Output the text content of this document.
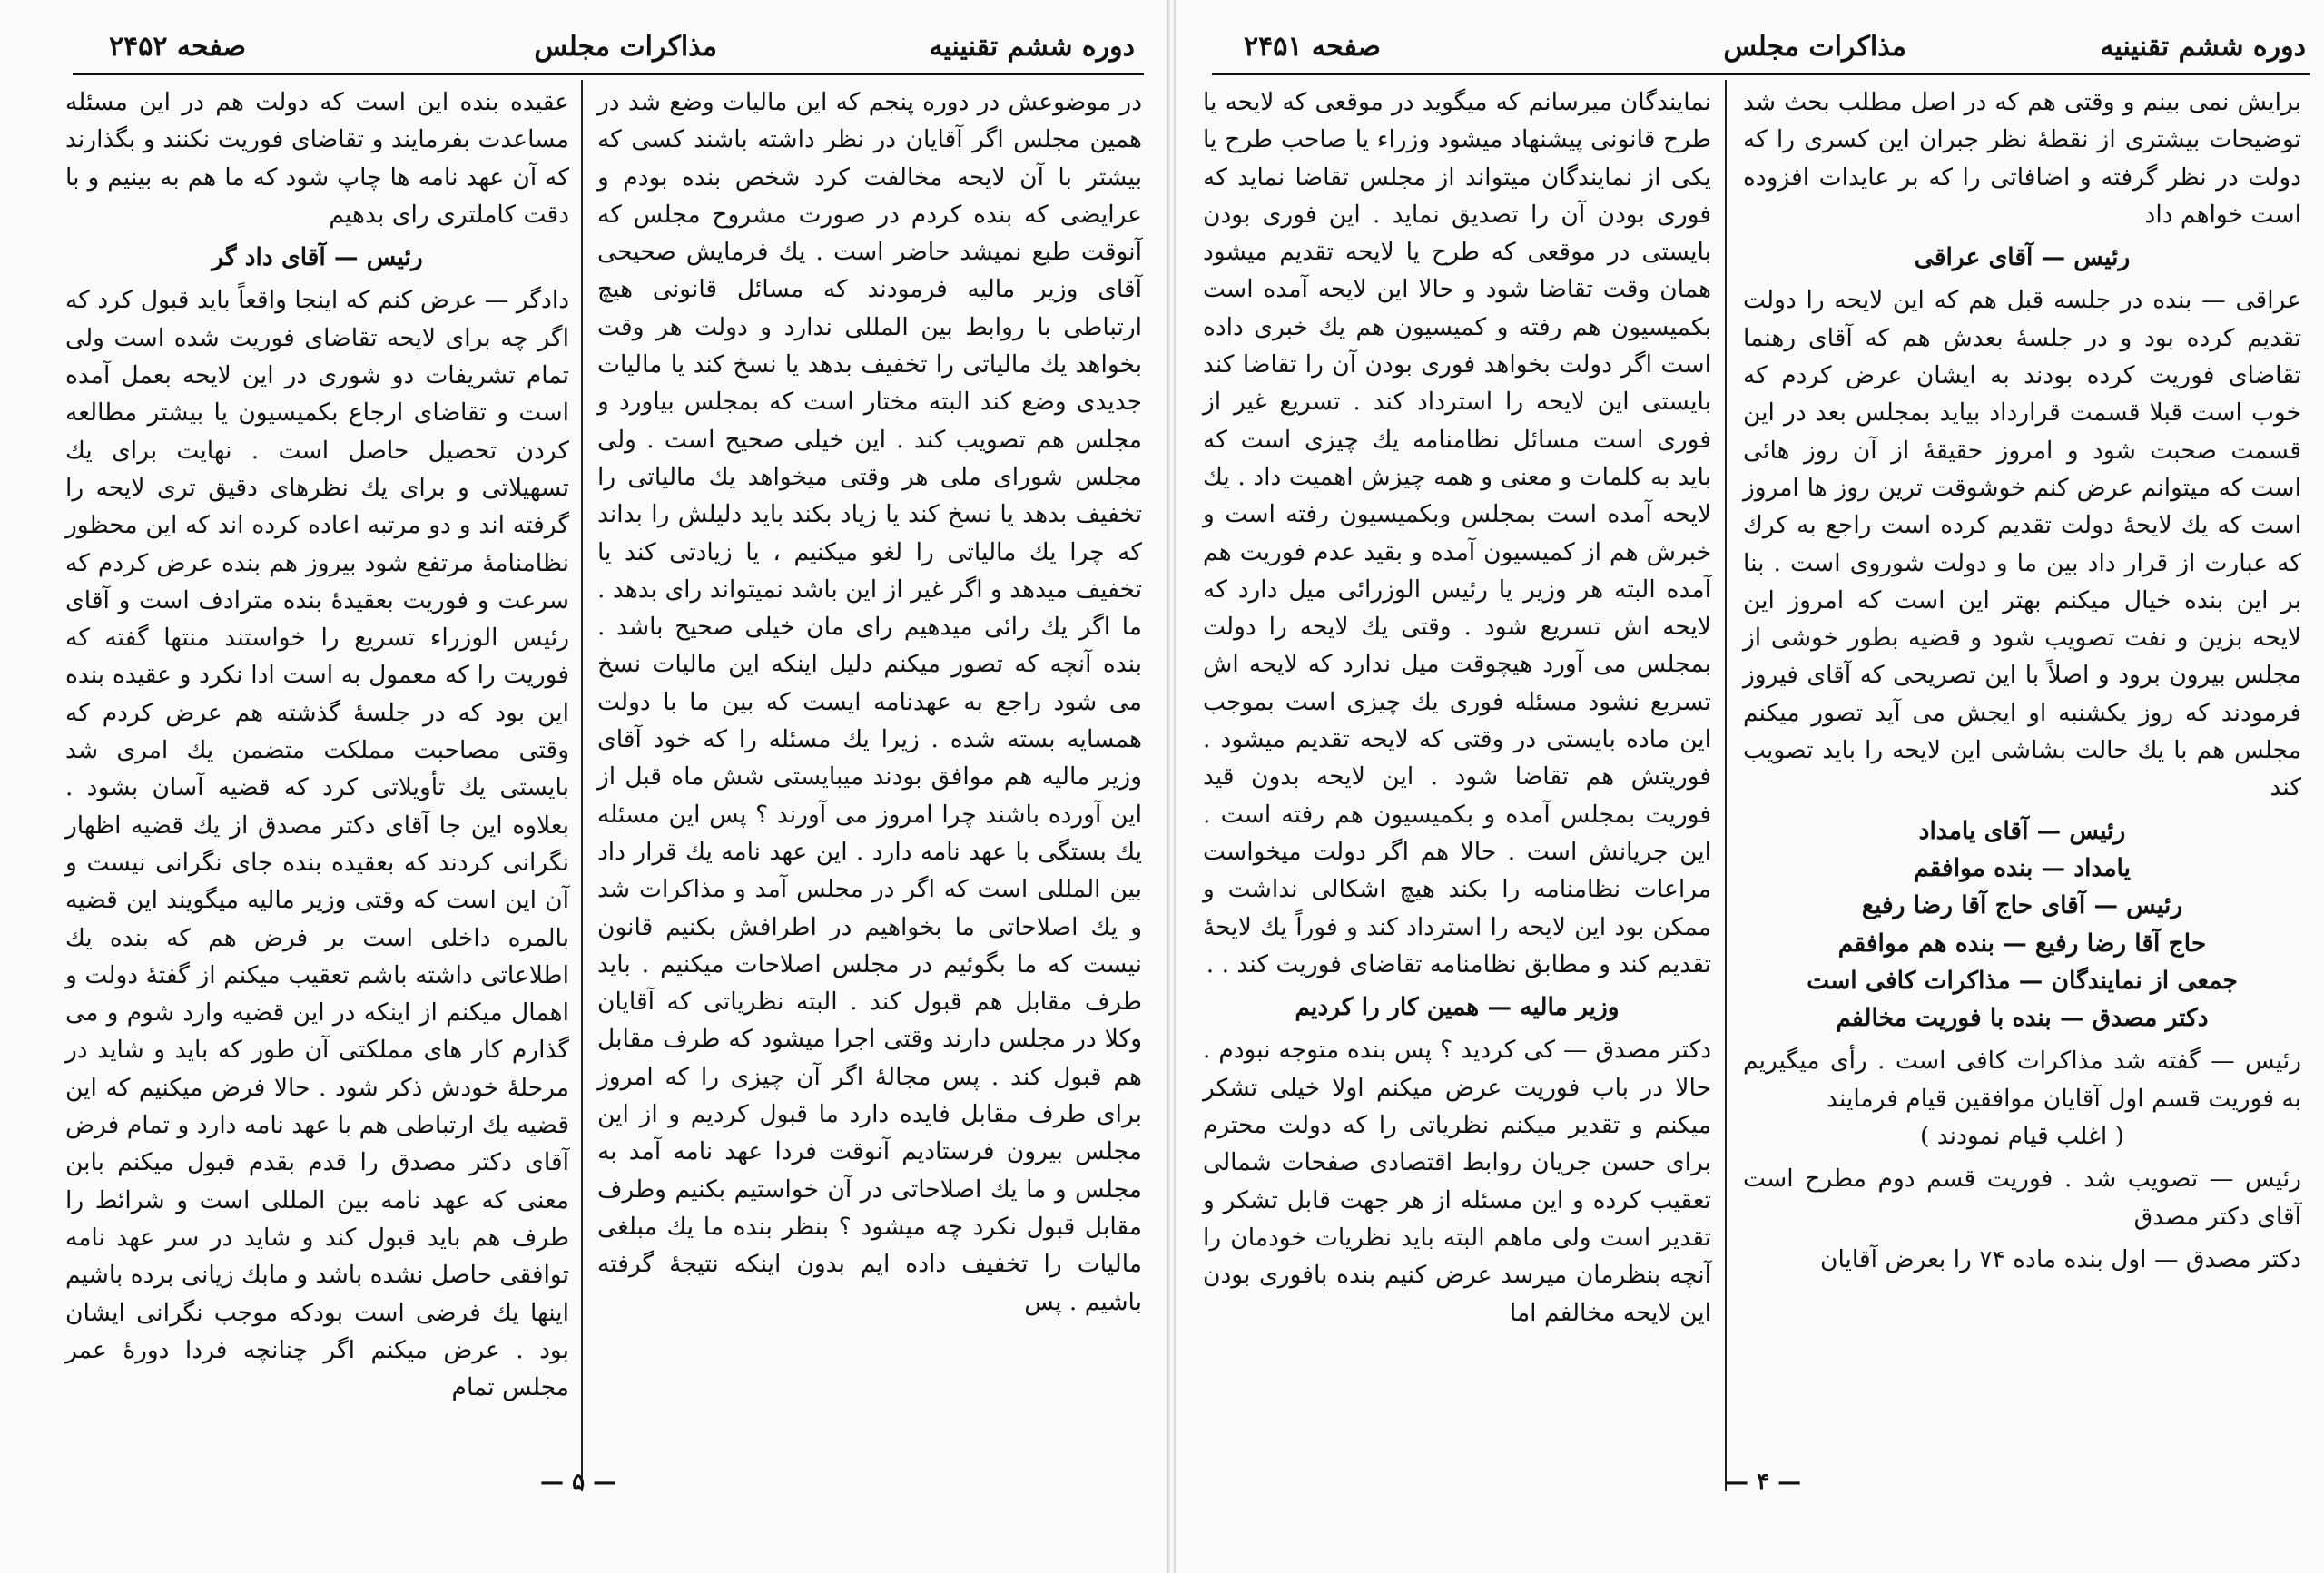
دوره ششم تقنینیه
مذاکرات مجلس
صفحه ۲۴۵۲

در موضوعش در دوره پنجم که این مالیات وضع شد در همین مجلس اگر آقایان در نظر داشته باشند کسی که بیشتر با آن لایحه مخالفت کرد شخص بنده بودم و عرایضی که بنده کردم در صورت مشروح مجلس که آنوقت طبع نمیشد حاضر است . یك فرمایش صحیحی آقای وزیر مالیه فرمودند که مسائل قانونی هیچ ارتباطی با روابط بین المللی ندارد و دولت هر وقت بخواهد یك مالیاتی را تخفیف بدهد یا نسخ کند یا مالیات جدیدی وضع کند البته مختار است که بمجلس بیاورد و مجلس هم تصویب کند . این خیلی صحیح است . ولی مجلس شورای ملی هر وقتی میخواهد یك مالیاتی را تخفیف بدهد یا نسخ کند یا زیاد بکند باید دلیلش را بداند که چرا یك مالیاتی را لغو میکنیم ، یا زیادتی کند یا تخفیف میدهد و اگر غیر از این باشد نمیتواند رای بدهد . ما اگر یك رائی میدهیم رای مان خیلی صحیح باشد . بنده آنچه که تصور میکنم دلیل اینکه این مالیات نسخ می شود راجع به عهدنامه ایست که بین ما با دولت همسایه بسته شده . زیرا یك مسئله را که خود آقای وزیر مالیه هم موافق بودند میبایستی شش ماه قبل از این آورده باشند چرا امروز می آورند ؟ پس این مسئله یك بستگی با عهد نامه دارد . این عهد نامه یك قرار داد بین المللی است که اگر در مجلس آمد و مذاکرات شد و یك اصلاحاتی ما بخواهیم در اطرافش بکنیم قانون نیست که ما بگوئیم در مجلس اصلاحات میکنیم . باید طرف مقابل هم قبول کند . البته نظریاتی که آقایان وکلا در مجلس دارند وقتی اجرا میشود که طرف مقابل هم قبول کند . پس مجالهٔ اگر آن چیزی را که امروز برای طرف مقابل فایده دارد ما قبول کردیم و از این مجلس بیرون فرستادیم آنوقت فردا عهد نامه آمد به مجلس و ما یك اصلاحاتی در آن خواستیم بکنیم وطرف مقابل قبول نکرد چه میشود ؟ بنظر بنده ما یك مبلغی مالیات را تخفیف داده ایم بدون اینکه نتیجهٔ گرفته باشیم . پس

عقیده بنده این است که دولت هم در این مسئله مساعدت بفرمایند و تقاضای فوریت نکنند و بگذارند که آن عهد نامه ها چاپ شود که ما هم به بینیم و با دقت کاملتری رای بدهیم

رئیس — آقای داد گر

دادگر — عرض کنم که اینجا واقعاً باید قبول کرد که اگر چه برای لایحه تقاضای فوریت شده است ولی تمام تشریفات دو شوری در این لایحه بعمل آمده است و تقاضای ارجاع بکمیسیون یا بیشتر مطالعه کردن تحصیل حاصل است . نهایت برای یك تسهیلاتی و برای یك نظرهای دقیق تری لایحه را گرفته اند و دو مرتبه اعاده کرده اند که این محظور نظامنامهٔ مرتفع شود بیروز هم بنده عرض کردم که سرعت و فوریت بعقیدهٔ بنده مترادف است و آقای رئیس الوزراء تسریع را خواستند منتها گفته که فوریت را که معمول به است ادا نکرد و عقیده بنده این بود که در جلسهٔ گذشته هم عرض کردم که وقتی مصاحبت مملکت متضمن یك امری شد بایستی یك تأویلاتی کرد که قضیه آسان بشود . بعلاوه این جا آقای دکتر مصدق از یك قضیه اظهار نگرانی کردند که بعقیده بنده جای نگرانی نیست و آن این است که وقتی وزیر مالیه میگویند این قضیه بالمره داخلی است بر فرض هم که بنده یك اطلاعاتی داشته باشم تعقیب میکنم از گفتهٔ دولت و اهمال میکنم از اینکه در این قضیه وارد شوم و می گذارم کار های مملکتی آن طور که باید و شاید در مرحلهٔ خودش ذکر شود . حالا فرض میکنیم که این قضیه یك ارتباطی هم با عهد نامه دارد و تمام فرض آقای دکتر مصدق را قدم بقدم قبول میکنم بابن معنی که عهد نامه بین المللی است و شرائط را طرف هم باید قبول کند و شاید در سر عهد نامه توافقی حاصل نشده باشد و مابك زیانی برده باشیم اینها یك فرضی است بودکه موجب نگرانی ایشان بود . عرض میکنم اگر چنانچه فردا دورهٔ عمر مجلس تمام

— ۵ —
دوره ششم تقنینیه
مذاکرات مجلس
صفحه ۲۴۵۱

برایش نمی بینم و وقتی هم که در اصل مطلب بحث شد توضیحات بیشتری از نقطهٔ نظر جبران این کسری را که دولت در نظر گرفته و اضافاتی را که بر عایدات افزوده است خواهم داد

رئیس — آقای عراقی

عراقی — بنده در جلسه قبل هم که این لایحه را دولت تقدیم کرده بود و در جلسهٔ بعدش هم که آقای رهنما تقاضای فوریت کرده بودند به ایشان عرض کردم که خوب است قبلا قسمت قرارداد بیاید بمجلس بعد در این قسمت صحبت شود و امروز حقیقهٔ از آن روز هائی است که میتوانم عرض کنم خوشوقت ترین روز ها امروز است که یك لایحهٔ دولت تقدیم کرده است راجع به کرك که عبارت از قرار داد بین ما و دولت شوروی است . بنا بر این بنده خیال میکنم بهتر این است که امروز این لایحه بزین و نفت تصویب شود و قضیه بطور خوشی از مجلس بیرون برود و اصلاً با این تصریحی که آقای فیروز فرمودند که روز یکشنبه او ایجش می آید تصور میکنم مجلس هم با یك حالت بشاشی این لایحه را باید تصویب کند

رئیس — آقای یامداد

یامداد — بنده موافقم

رئیس — آقای حاج آقا رضا رفیع

حاج آقا رضا رفیع — بنده هم موافقم

جمعی از نمایندگان — مذاکرات کافی است

دکتر مصدق — بنده با فوریت مخالفم

رئیس — گفته شد مذاکرات کافی است . رأی میگیریم به فوریت قسم اول آقایان موافقین قیام فرمایند

( اغلب قیام نمودند )

رئیس — تصویب شد . فوریت قسم دوم مطرح است آقای دکتر مصدق

دکتر مصدق — اول بنده ماده ۷۴ را بعرض آقایان

نمایندگان میرسانم که میگوید در موقعی که لایحه یا طرح قانونی پیشنهاد میشود وزراء یا صاحب طرح یا یکی از نمایندگان میتواند از مجلس تقاضا نماید که فوری بودن آن را تصدیق نماید . این فوری بودن بایستی در موقعی که طرح یا لایحه تقدیم میشود همان وقت تقاضا شود و حالا این لایحه آمده است بکمیسیون هم رفته و کمیسیون هم یك خبری داده است اگر دولت بخواهد فوری بودن آن را تقاضا کند بایستی این لایحه را استرداد کند . تسریع غیر از فوری است مسائل نظامنامه یك چیزی است که باید به کلمات و معنی و همه چیزش اهمیت داد . یك لایحه آمده است بمجلس وبکمیسیون رفته است و خبرش هم از کمیسیون آمده و بقید عدم فوریت هم آمده البته هر وزیر یا رئیس الوزرائی میل دارد که لایحه اش تسریع شود . وقتی یك لایحه را دولت بمجلس می آورد هیچوقت میل ندارد که لایحه اش تسریع نشود مسئله فوری یك چیزی است بموجب این ماده بایستی در وقتی که لایحه تقدیم میشود . فوریتش هم تقاضا شود . این لایحه بدون قید فوریت بمجلس آمده و بکمیسیون هم رفته است . این جریانش است . حالا هم اگر دولت میخواست مراعات نظامنامه را بکند هیچ اشکالی نداشت و ممکن بود این لایحه را استرداد کند و فوراً یك لایحهٔ تقدیم کند و مطابق نظامنامه تقاضای فوریت کند . .

وزیر مالیه — همین کار را کردیم

دکتر مصدق — کی کردید ؟ پس بنده متوجه نبودم . حالا در باب فوریت عرض میکنم اولا خیلی تشکر میکنم و تقدیر میکنم نظریاتی را که دولت محترم برای حسن جریان روابط اقتصادی صفحات شمالی تعقیب کرده و این مسئله از هر جهت قابل تشکر و تقدیر است ولی ماهم البته باید نظریات خودمان را آنچه بنظرمان میرسد عرض کنیم بنده بافوری بودن این لایحه مخالفم اما

— ۴ —
